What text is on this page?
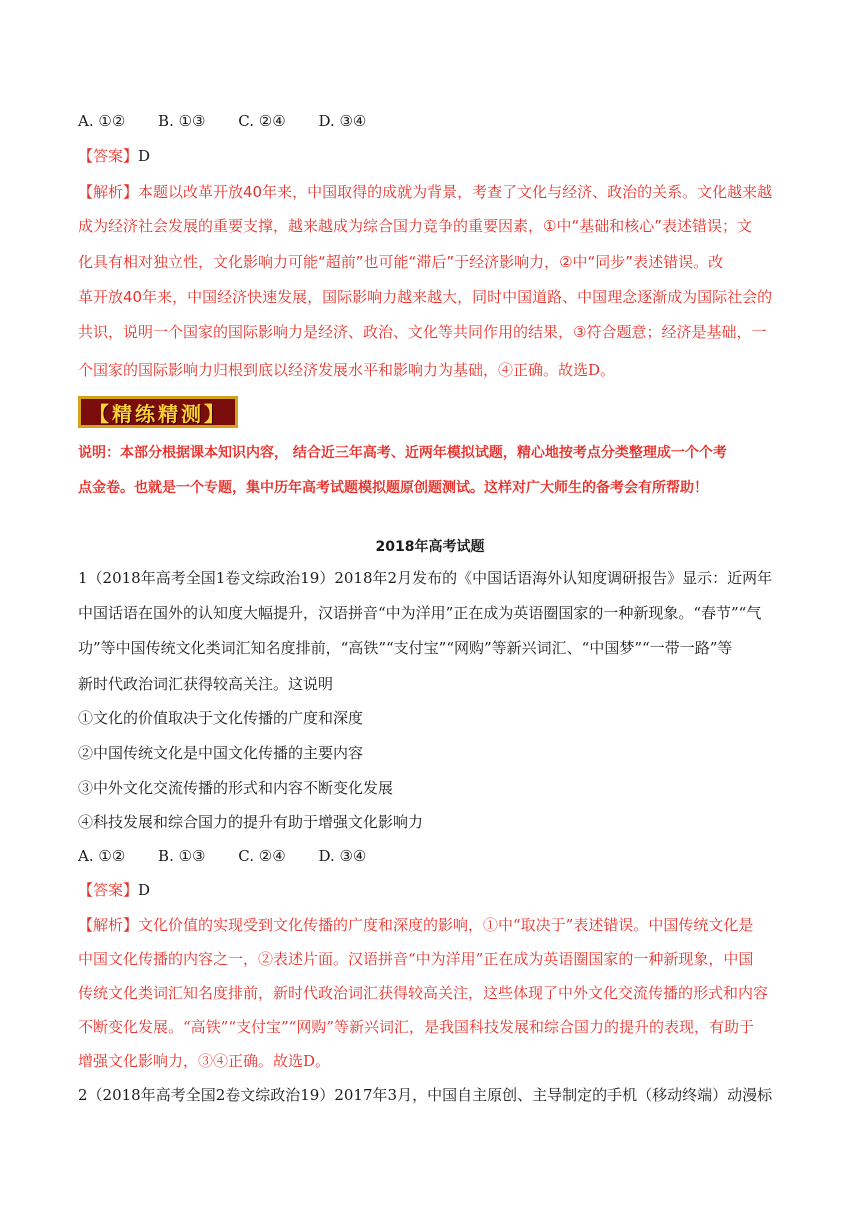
A. ①② B. ①③ C. ②④ D. ③④
【答案】D
【解析】本题以改革开放40年来，中国取得的成就为背景，考查了文化与经济、政治的关系。文化越来越
成为经济社会发展的重要支撑，越来越成为综合国力竞争的重要因素，①中“基础和核心”表述错误；文
化具有相对独立性，文化影响力可能“超前”也可能“滞后”于经济影响力，②中“同步”表述错误。改
革开放40年来，中国经济快速发展，国际影响力越来越大，同时中国道路、中国理念逐渐成为国际社会的
共识，说明一个国家的国际影响力是经济、政治、文化等共同作用的结果，③符合题意；经济是基础，一
个国家的国际影响力归根到底以经济发展水平和影响力为基础，④正确。故选D。
【精练精测】
说明：本部分根据课本知识内容， 结合近三年高考、近两年模拟试题，精心地按考点分类整理成一个个考
点金卷。也就是一个专题，集中历年高考试题模拟题原创题测试。这样对广大师生的备考会有所帮助！
2018年高考试题
1（2018年高考全国1卷文综政治19）2018年2月发布的《中国话语海外认知度调研报告》显示：近两年
中国话语在国外的认知度大幅提升，汉语拼音“中为洋用”正在成为英语圈国家的一种新现象。“春节”“气
功”等中国传统文化类词汇知名度排前，“高铁”“支付宝”“网购”等新兴词汇、“中国梦”“一带一路”等
新时代政治词汇获得较高关注。这说明
①文化的价值取决于文化传播的广度和深度
②中国传统文化是中国文化传播的主要内容
③中外文化交流传播的形式和内容不断变化发展
④科技发展和综合国力的提升有助于增强文化影响力
A. ①② B. ①③ C. ②④ D. ③④
【答案】D
【解析】文化价值的实现受到文化传播的广度和深度的影响，①中“取决于”表述错误。中国传统文化是
中国文化传播的内容之一，②表述片面。汉语拼音“中为洋用”正在成为英语圈国家的一种新现象，中国
传统文化类词汇知名度排前，新时代政治词汇获得较高关注，这些体现了中外文化交流传播的形式和内容
不断变化发展。“高铁”“支付宝”“网购”等新兴词汇，是我国科技发展和综合国力的提升的表现，有助于
增强文化影响力，③④正确。故选D。
2（2018年高考全国2卷文综政治19）2017年3月，中国自主原创、主导制定的手机（移动终端）动漫标
